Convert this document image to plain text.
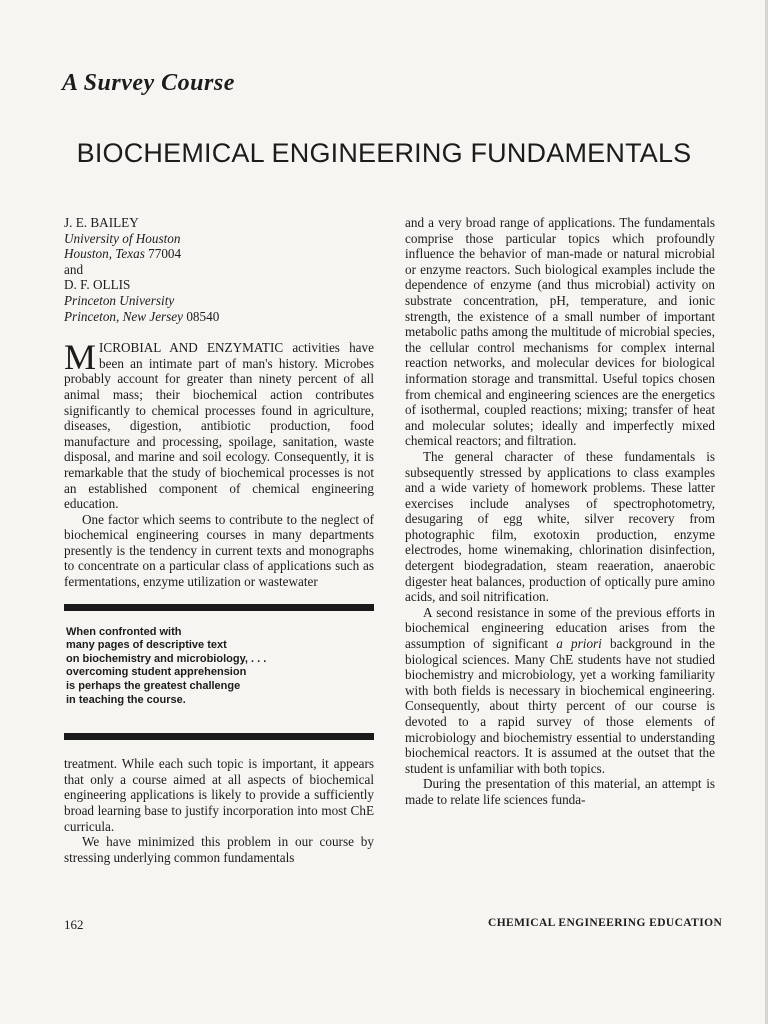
A Survey Course
BIOCHEMICAL ENGINEERING FUNDAMENTALS
J. E. BAILEY
University of Houston
Houston, Texas 77004
and
D. F. OLLIS
Princeton University
Princeton, New Jersey 08540

MICROBIAL AND ENZYMATIC activities have been an intimate part of man's history. Microbes probably account for greater than ninety percent of all animal mass; their biochemical action contributes significantly to chemical processes found in agriculture, diseases, digestion, antibiotic production, food manufacture and processing, spoilage, sanitation, waste disposal, and marine and soil ecology. Consequently, it is remarkable that the study of biochemical processes is not an established component of chemical engineering education.

One factor which seems to contribute to the neglect of biochemical engineering courses in many departments presently is the tendency in current texts and monographs to concentrate on a particular class of applications such as fermentations, enzyme utilization or wastewater

When confronted with
many pages of descriptive text
on biochemistry and microbiology, . . .
overcoming student apprehension
is perhaps the greatest challenge
in teaching the course.

treatment. While each such topic is important, it appears that only a course aimed at all aspects of biochemical engineering applications is likely to provide a sufficiently broad learning base to justify incorporation into most ChE curricula.

We have minimized this problem in our course by stressing underlying common fundamentals

and a very broad range of applications. The fundamentals comprise those particular topics which profoundly influence the behavior of man-made or natural microbial or enzyme reactors. Such biological examples include the dependence of enzyme (and thus microbial) activity on substrate concentration, pH, temperature, and ionic strength, the existence of a small number of important metabolic paths among the multitude of microbial species, the cellular control mechanisms for complex internal reaction networks, and molecular devices for biological information storage and transmittal. Useful topics chosen from chemical and engineering sciences are the energetics of isothermal, coupled reactions; mixing; transfer of heat and molecular solutes; ideally and imperfectly mixed chemical reactors; and filtration.

The general character of these fundamentals is subsequently stressed by applications to class examples and a wide variety of homework problems. These latter exercises include analyses of spectrophotometry, desugaring of egg white, silver recovery from photographic film, exotoxin production, enzyme electrodes, home winemaking, chlorination disinfection, detergent biodegradation, steam reaeration, anaerobic digester heat balances, production of optically pure amino acids, and soil nitrification.

A second resistance in some of the previous efforts in biochemical engineering education arises from the assumption of significant a priori background in the biological sciences. Many ChE students have not studied biochemistry and microbiology, yet a working familiarity with both fields is necessary in biochemical engineering. Consequently, about thirty percent of our course is devoted to a rapid survey of those elements of microbiology and biochemistry essential to understanding biochemical reactors. It is assumed at the outset that the student is unfamiliar with both topics.

During the presentation of this material, an attempt is made to relate life sciences funda-

162	CHEMICAL ENGINEERING EDUCATION
